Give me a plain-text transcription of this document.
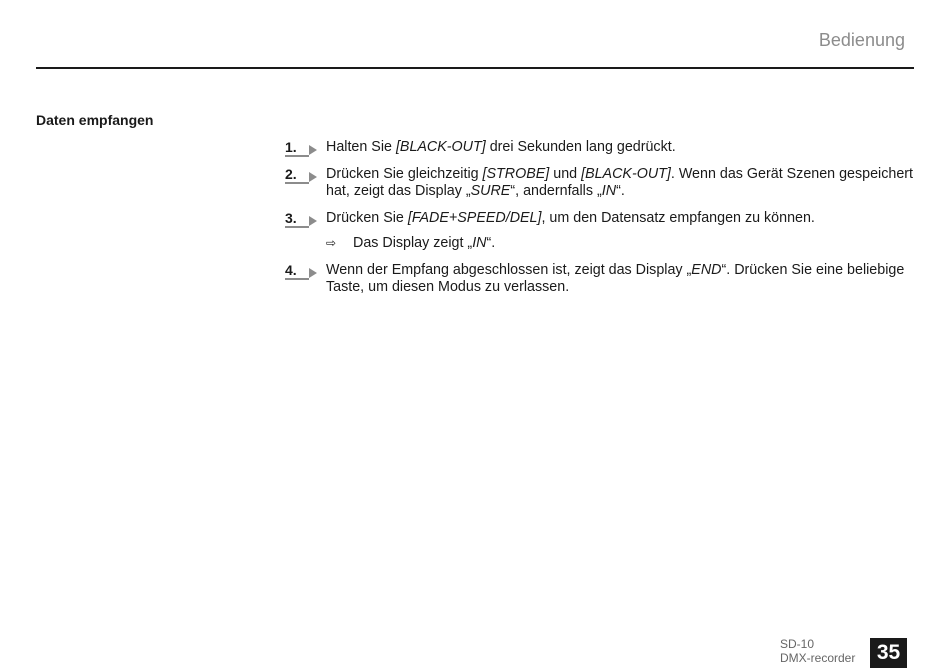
Bedienung
Daten empfangen
1. Halten Sie [BLACK-OUT] drei Sekunden lang gedrückt.
2. Drücken Sie gleichzeitig [STROBE] und [BLACK-OUT]. Wenn das Gerät Szenen gespeichert hat, zeigt das Display „SURE“, andernfalls „IN“.
3. Drücken Sie [FADE+SPEED/DEL], um den Datensatz empfangen zu können.
⇨ Das Display zeigt „IN“.
4. Wenn der Empfang abgeschlossen ist, zeigt das Display „END“. Drücken Sie eine beliebige Taste, um diesen Modus zu verlassen.
SD-10
DMX-recorder	35
